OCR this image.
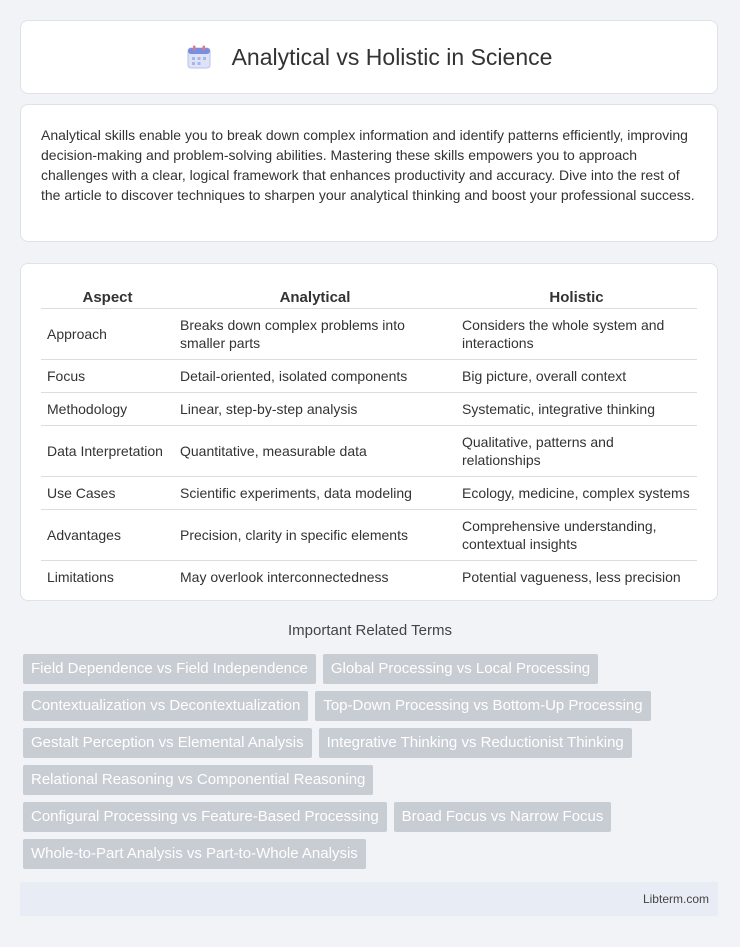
Analytical vs Holistic in Science

Analytical skills enable you to break down complex information and identify patterns efficiently, improving decision-making and problem-solving abilities. Mastering these skills empowers you to approach challenges with a clear, logical framework that enhances productivity and accuracy. Dive into the rest of the article to discover techniques to sharpen your analytical thinking and boost your professional success.

Aspect	Analytical	Holistic
Approach	Breaks down complex problems into smaller parts	Considers the whole system and interactions
Focus	Detail-oriented, isolated components	Big picture, overall context
Methodology	Linear, step-by-step analysis	Systematic, integrative thinking
Data Interpretation	Quantitative, measurable data	Qualitative, patterns and relationships
Use Cases	Scientific experiments, data modeling	Ecology, medicine, complex systems
Advantages	Precision, clarity in specific elements	Comprehensive understanding, contextual insights
Limitations	May overlook interconnectedness	Potential vagueness, less precision
Important Related Terms
Field Dependence vs Field Independence	Global Processing vs Local Processing
Contextualization vs Decontextualization	Top-Down Processing vs Bottom-Up Processing
Gestalt Perception vs Elemental Analysis	Integrative Thinking vs Reductionist Thinking
Relational Reasoning vs Componential Reasoning
Configural Processing vs Feature-Based Processing	Broad Focus vs Narrow Focus
Whole-to-Part Analysis vs Part-to-Whole Analysis
Libterm.com
